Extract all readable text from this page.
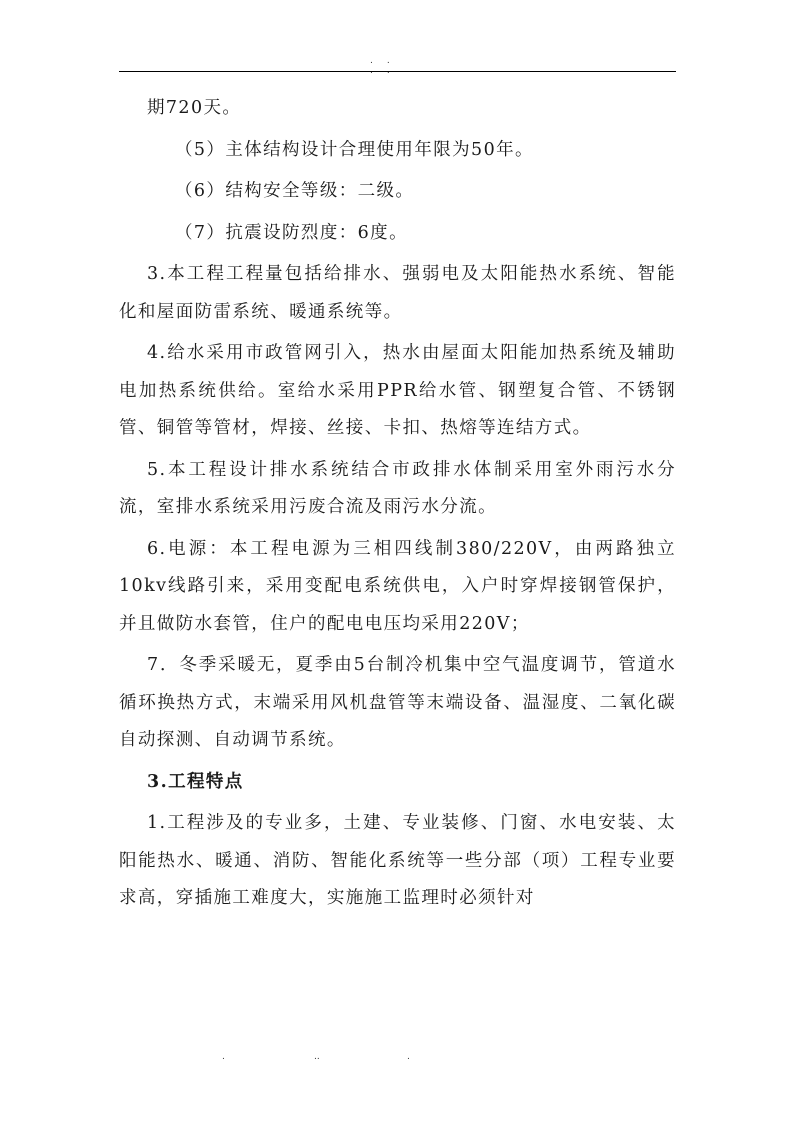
.. ..

期720天。

（5）主体结构设计合理使用年限为50年。

（6）结构安全等级：二级。

（7）抗震设防烈度：6度。

3.本工程工程量包括给排水、强弱电及太阳能热水系统、智能化和屋面防雷系统、暖通系统等。

4.给水采用市政管网引入，热水由屋面太阳能加热系统及辅助电加热系统供给。室给水采用PPR给水管、钢塑复合管、不锈钢管、铜管等管材，焊接、丝接、卡扣、热熔等连结方式。

5.本工程设计排水系统结合市政排水体制采用室外雨污水分流，室排水系统采用污废合流及雨污水分流。

6.电源：本工程电源为三相四线制380/220V，由两路独立10kv线路引来，采用变配电系统供电，入户时穿焊接钢管保护，并且做防水套管，住户的配电电压均采用220V；

7．冬季采暖无，夏季由5台制冷机集中空气温度调节，管道水循环换热方式，末端采用风机盘管等末端设备、温湿度、二氧化碳自动探测、自动调节系统。

3.工程特点

1.工程涉及的专业多，土建、专业装修、门窗、水电安装、太阳能热水、暖通、消防、智能化系统等一些分部（项）工程专业要求高，穿插施工难度大，实施施工监理时必须针对

.	..	.
